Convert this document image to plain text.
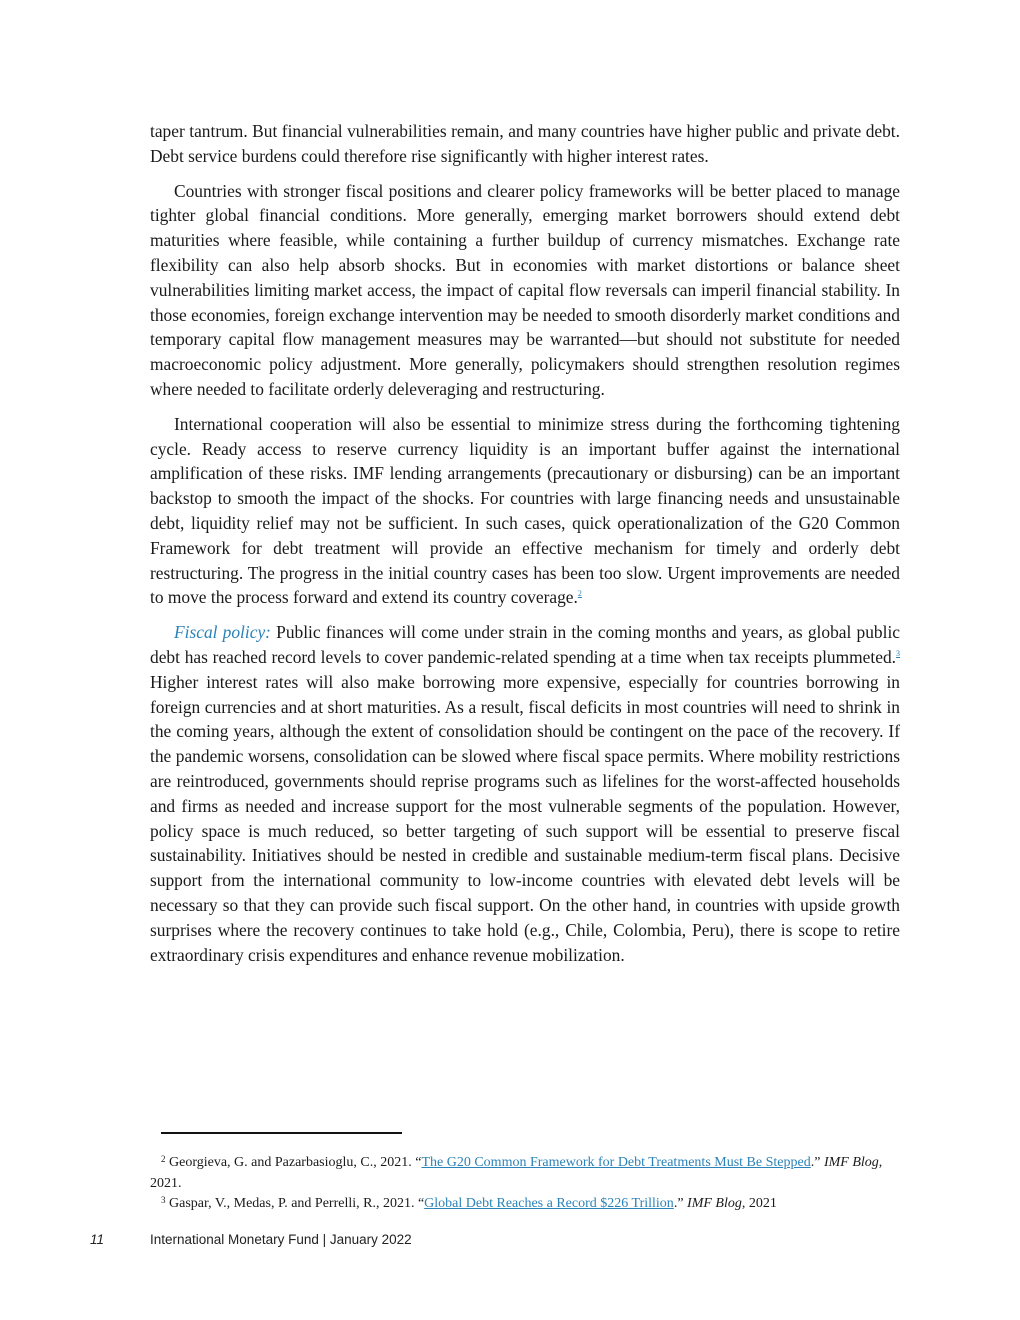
taper tantrum. But financial vulnerabilities remain, and many countries have higher public and private debt. Debt service burdens could therefore rise significantly with higher interest rates.

Countries with stronger fiscal positions and clearer policy frameworks will be better placed to manage tighter global financial conditions. More generally, emerging market borrowers should extend debt maturities where feasible, while containing a further buildup of currency mismatches. Exchange rate flexibility can also help absorb shocks. But in economies with market distortions or balance sheet vulnerabilities limiting market access, the impact of capital flow reversals can imperil financial stability. In those economies, foreign exchange intervention may be needed to smooth disorderly market conditions and temporary capital flow management measures may be warranted—but should not substitute for needed macroeconomic policy adjustment. More generally, policymakers should strengthen resolution regimes where needed to facilitate orderly deleveraging and restructuring.

International cooperation will also be essential to minimize stress during the forthcoming tightening cycle. Ready access to reserve currency liquidity is an important buffer against the international amplification of these risks. IMF lending arrangements (precautionary or disbursing) can be an important backstop to smooth the impact of the shocks. For countries with large financing needs and unsustainable debt, liquidity relief may not be sufficient. In such cases, quick operationalization of the G20 Common Framework for debt treatment will provide an effective mechanism for timely and orderly debt restructuring. The progress in the initial country cases has been too slow. Urgent improvements are needed to move the process forward and extend its country coverage.$^2$

Fiscal policy: Public finances will come under strain in the coming months and years, as global public debt has reached record levels to cover pandemic-related spending at a time when tax receipts plummeted.$^3$ Higher interest rates will also make borrowing more expensive, especially for countries borrowing in foreign currencies and at short maturities. As a result, fiscal deficits in most countries will need to shrink in the coming years, although the extent of consolidation should be contingent on the pace of the recovery. If the pandemic worsens, consolidation can be slowed where fiscal space permits. Where mobility restrictions are reintroduced, governments should reprise programs such as lifelines for the worst-affected households and firms as needed and increase support for the most vulnerable segments of the population. However, policy space is much reduced, so better targeting of such support will be essential to preserve fiscal sustainability. Initiatives should be nested in credible and sustainable medium-term fiscal plans. Decisive support from the international community to low-income countries with elevated debt levels will be necessary so that they can provide such fiscal support. On the other hand, in countries with upside growth surprises where the recovery continues to take hold (e.g., Chile, Colombia, Peru), there is scope to retire extraordinary crisis expenditures and enhance revenue mobilization.

$^2$ Georgieva, G. and Pazarbasioglu, C., 2021. “The G20 Common Framework for Debt Treatments Must Be Stepped.” IMF Blog, 2021.

$^3$ Gaspar, V., Medas, P. and Perrelli, R., 2021. “Global Debt Reaches a Record $226 Trillion.” IMF Blog, 2021

11	International Monetary Fund | January 2022
